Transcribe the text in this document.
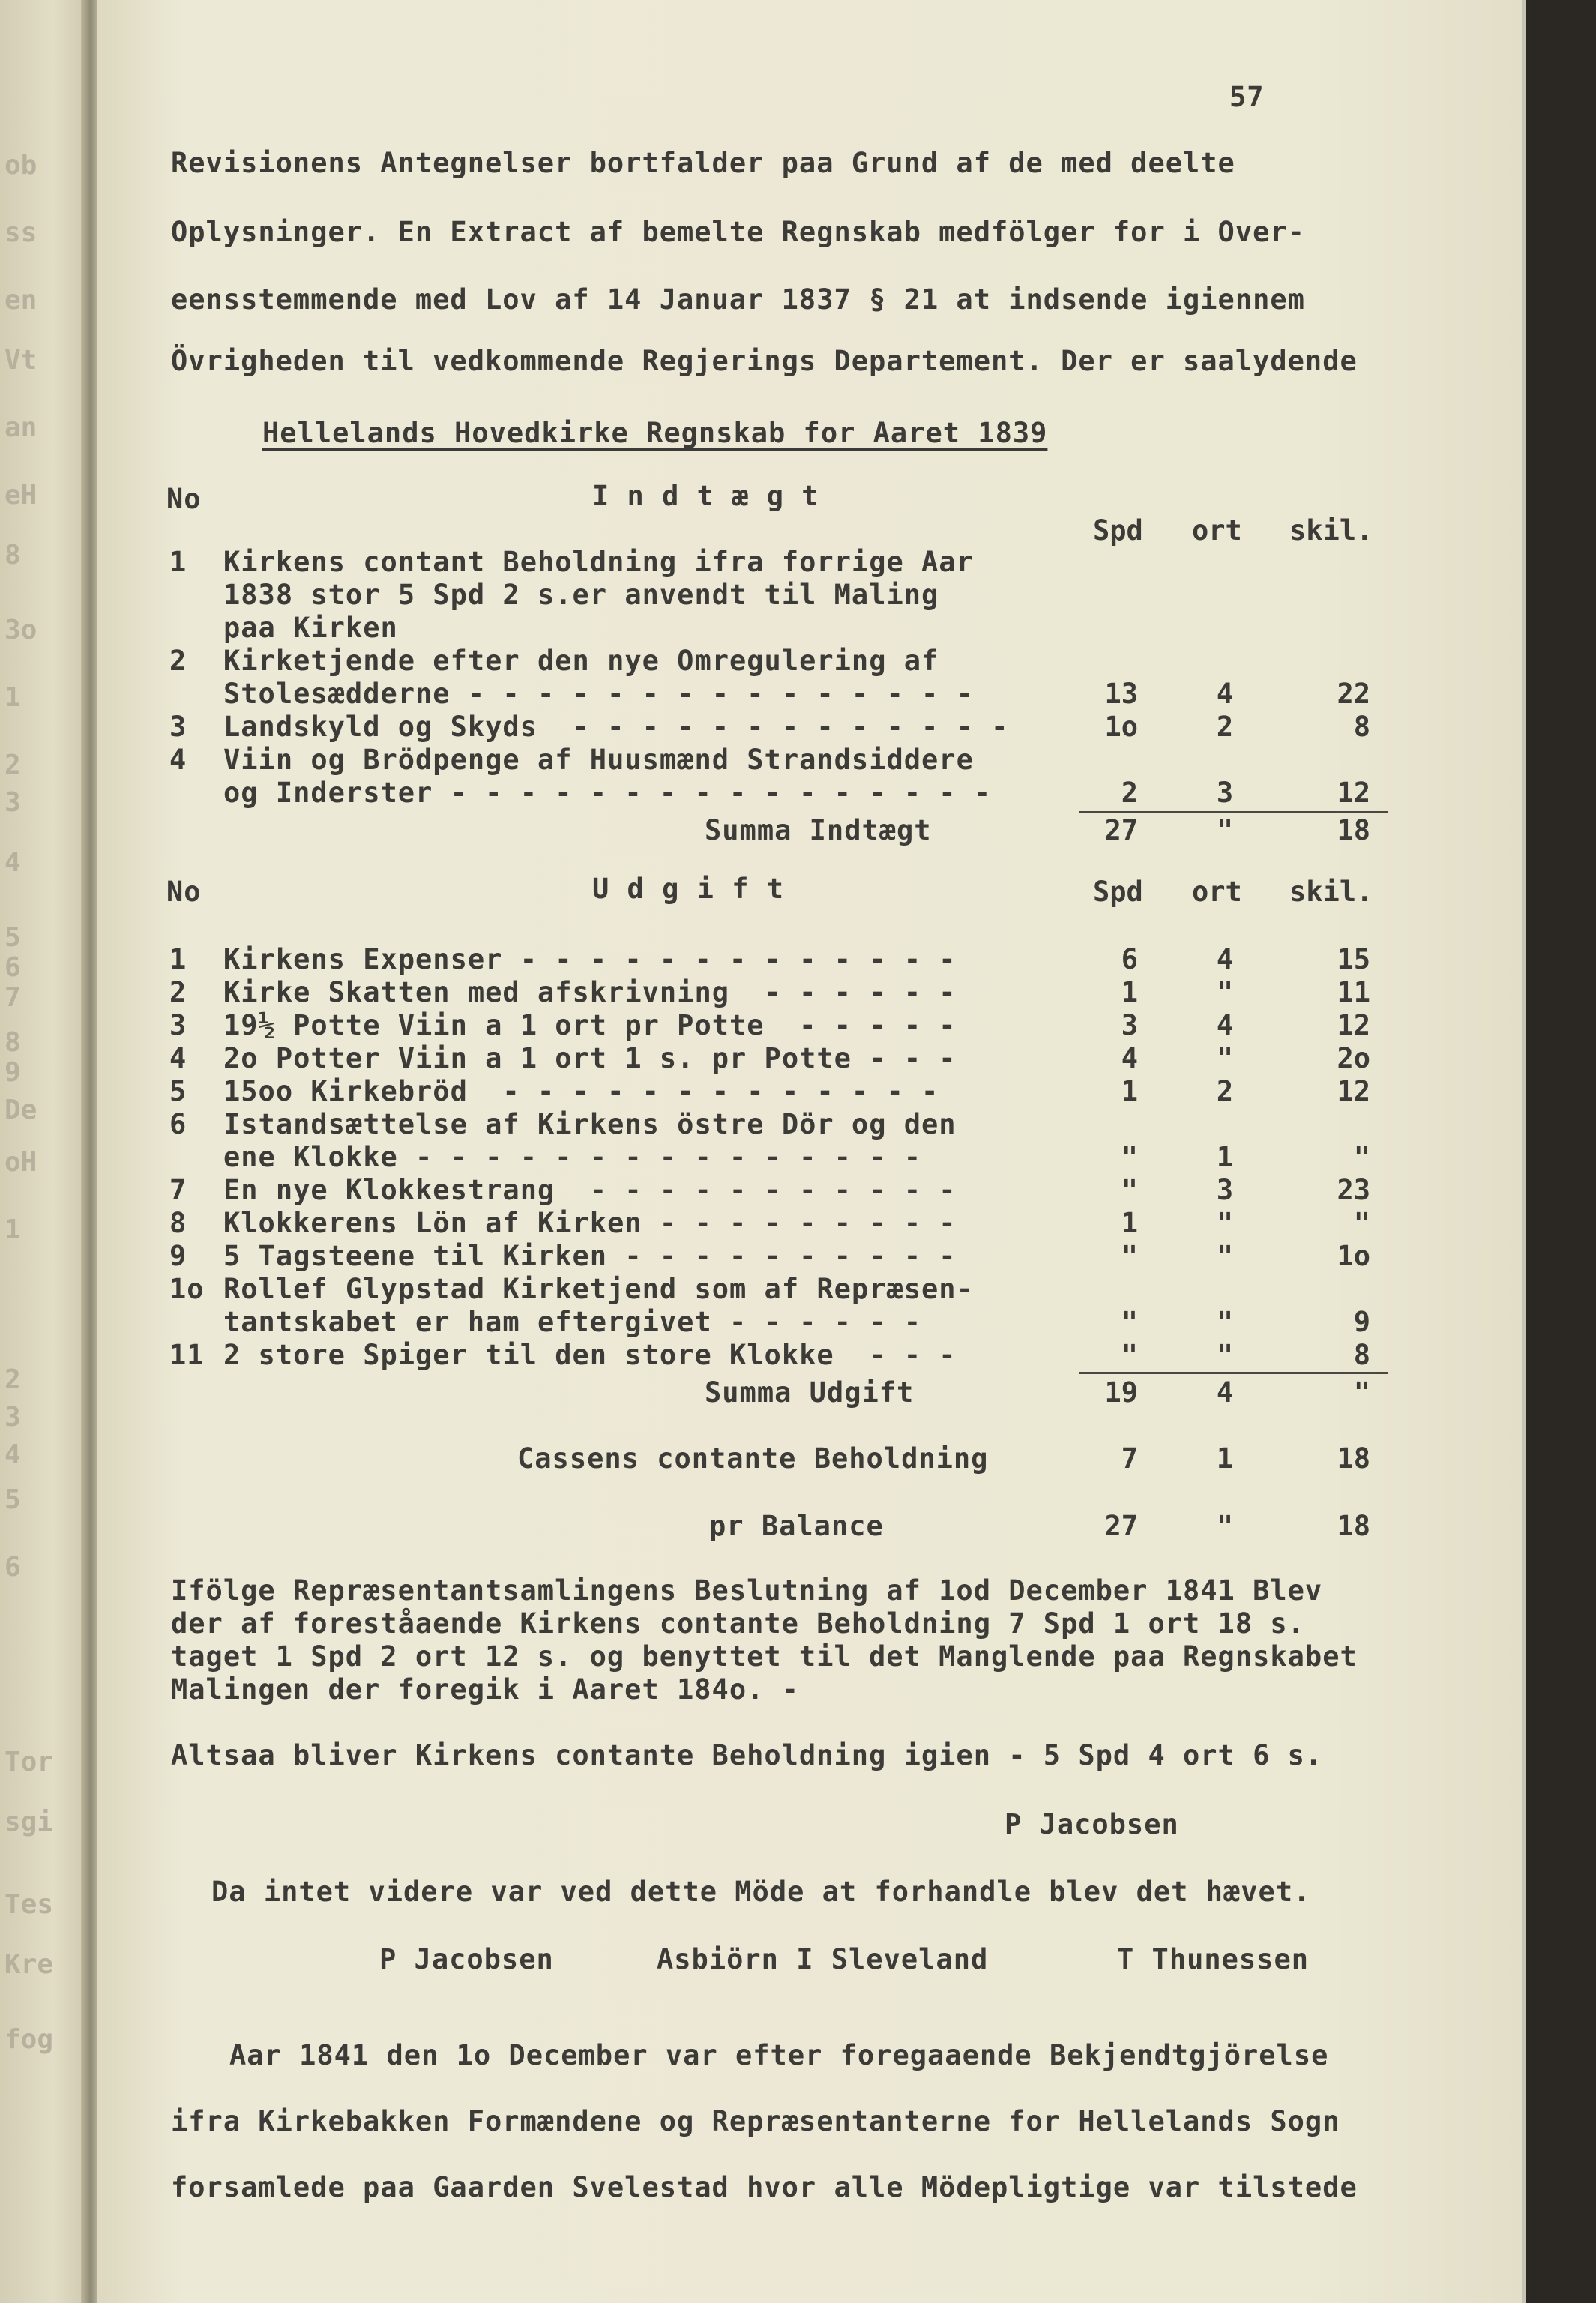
ob
ss
en
Vt
an
eH
8
3o
1
2
3
4
5
6
7
8
9
De
oH
1
2
3
4
5
6
Tor
sgi
Tes
Kre
fog
57
Revisionens Antegnelser bortfalder paa Grund af de med deelte
Oplysninger. En Extract af bemelte Regnskab medfölger for i Over-
eensstemmende med Lov af 14 Januar 1837 § 21 at indsende igiennem
Övrigheden til vedkommende Regjerings Departement. Der er saalydende
Hellelands Hovedkirke Regnskab for Aaret 1839
No	I n d t æ g t
Spd ort skil.
1 Kirkens contant Beholdning ifra forrige Aar
1838 stor 5 Spd 2 s.er anvendt til Maling
paa Kirken
2 Kirketjende efter den nye Omregulering af
Stolesædderne - - - - - - - - - - - - - - -	13	4	22
3 Landskyld og Skyds  - - - - - - - - - - - - -	1o	2	8
4 Viin og Brödpenge af Huusmænd Strandsiddere
og Inderster - - - - - - - - - - - - - - - -	2	3	12
Summa Indtægt	27	"	18
No	U d g i f t	Spd ort skil.
1 Kirkens Expenser - - - - - - - - - - - - -	6	4	15
2 Kirke Skatten med afskrivning  - - - - - -	1	"	11
3 19½ Potte Viin a 1 ort pr Potte  - - - - -	3	4	12
4 2o Potter Viin a 1 ort 1 s. pr Potte - - -	4	"	2o
5 15oo Kirkebröd  - - - - - - - - - - - - -	1	2	12
6 Istandsættelse af Kirkens östre Dör og den
ene Klokke - - - - - - - - - - - - - - -	"	1	"
7 En nye Klokkestrang  - - - - - - - - - - -	"	3	23
8 Klokkerens Lön af Kirken - - - - - - - - -	1	"	"
9 5 Tagsteene til Kirken - - - - - - - - - -	"	"	1o
1o Rollef Glypstad Kirketjend som af Repræsen-
tantskabet er ham eftergivet - - - - - -	"	"	9
11 2 store Spiger til den store Klokke  - - -	"	"	8
Summa Udgift	19	4	"
Cassens contante Beholdning	7	1	18
pr Balance	27	"	18
Ifölge Repræsentantsamlingens Beslutning af 1od December 1841 Blev
der af foreståaende Kirkens contante Beholdning 7 Spd 1 ort 18 s.
taget 1 Spd 2 ort 12 s. og benyttet til det Manglende paa Regnskabet
Malingen der foregik i Aaret 184o. -
Altsaa bliver Kirkens contante Beholdning igien - 5 Spd 4 ort 6 s.
P Jacobsen
Da intet videre var ved dette Möde at forhandle blev det hævet.
P Jacobsen	Asbiörn I Sleveland	T Thunessen
Aar 1841 den 1o December var efter foregaaende Bekjendtgjörelse
ifra Kirkebakken Formændene og Repræsentanterne for Hellelands Sogn
forsamlede paa Gaarden Svelestad hvor alle Mödepligtige var tilstede
